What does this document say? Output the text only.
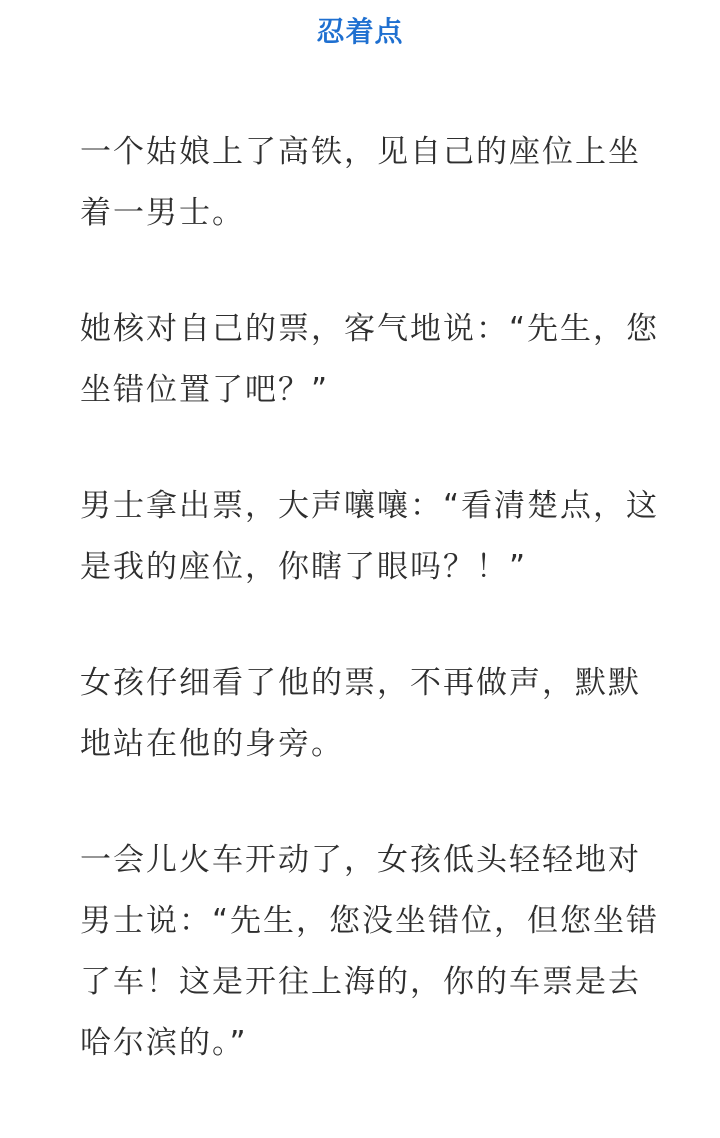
忍着点

一个姑娘上了高铁，见自己的座位上坐
着一男士。

她核对自己的票，客气地说：“先生，您
坐错位置了吧？”

男士拿出票，大声嚷嚷：“看清楚点，这
是我的座位，你瞎了眼吗？！”

女孩仔细看了他的票，不再做声，默默
地站在他的身旁。

一会儿火车开动了，女孩低头轻轻地对
男士说：“先生，您没坐错位，但您坐错
了车！这是开往上海的，你的车票是去
哈尔滨的。”
